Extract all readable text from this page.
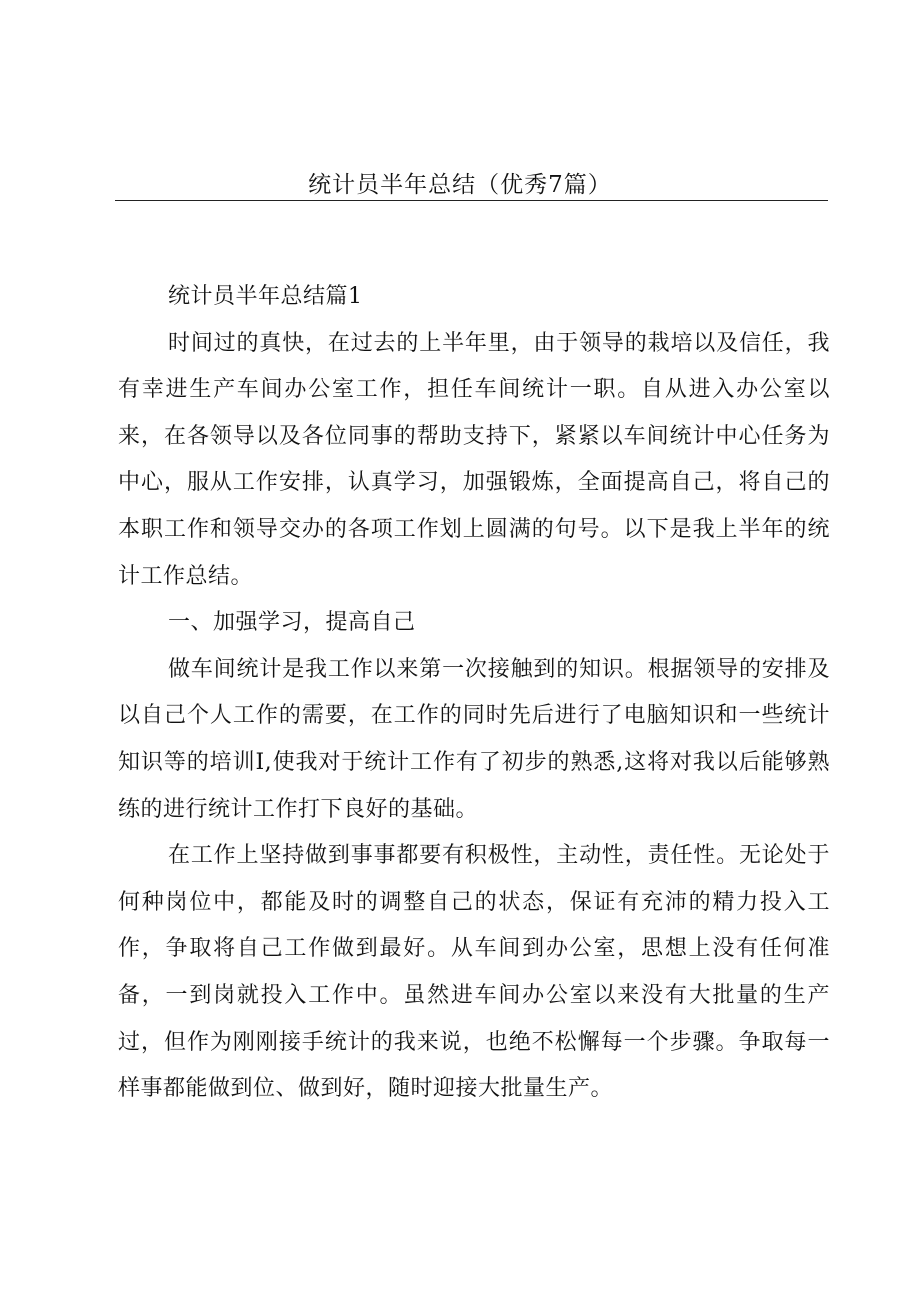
统计员半年总结（优秀7篇）

统计员半年总结篇1

时间过的真快，在过去的上半年里，由于领导的栽培以及信任，我有幸进生产车间办公室工作，担任车间统计一职。自从进入办公室以来，在各领导以及各位同事的帮助支持下，紧紧以车间统计中心任务为中心，服从工作安排，认真学习，加强锻炼，全面提高自己，将自己的本职工作和领导交办的各项工作划上圆满的句号。以下是我上半年的统计工作总结。

一、加强学习，提高自己

做车间统计是我工作以来第一次接触到的知识。根据领导的安排及以自己个人工作的需要，在工作的同时先后进行了电脑知识和一些统计知识等的培训I,使我对于统计工作有了初步的熟悉,这将对我以后能够熟练的进行统计工作打下良好的基础。

在工作上坚持做到事事都要有积极性，主动性，责任性。无论处于何种岗位中，都能及时的调整自己的状态，保证有充沛的精力投入工作，争取将自己工作做到最好。从车间到办公室，思想上没有任何准备，一到岗就投入工作中。虽然进车间办公室以来没有大批量的生产过，但作为刚刚接手统计的我来说，也绝不松懈每一个步骤。争取每一样事都能做到位、做到好，随时迎接大批量生产。
